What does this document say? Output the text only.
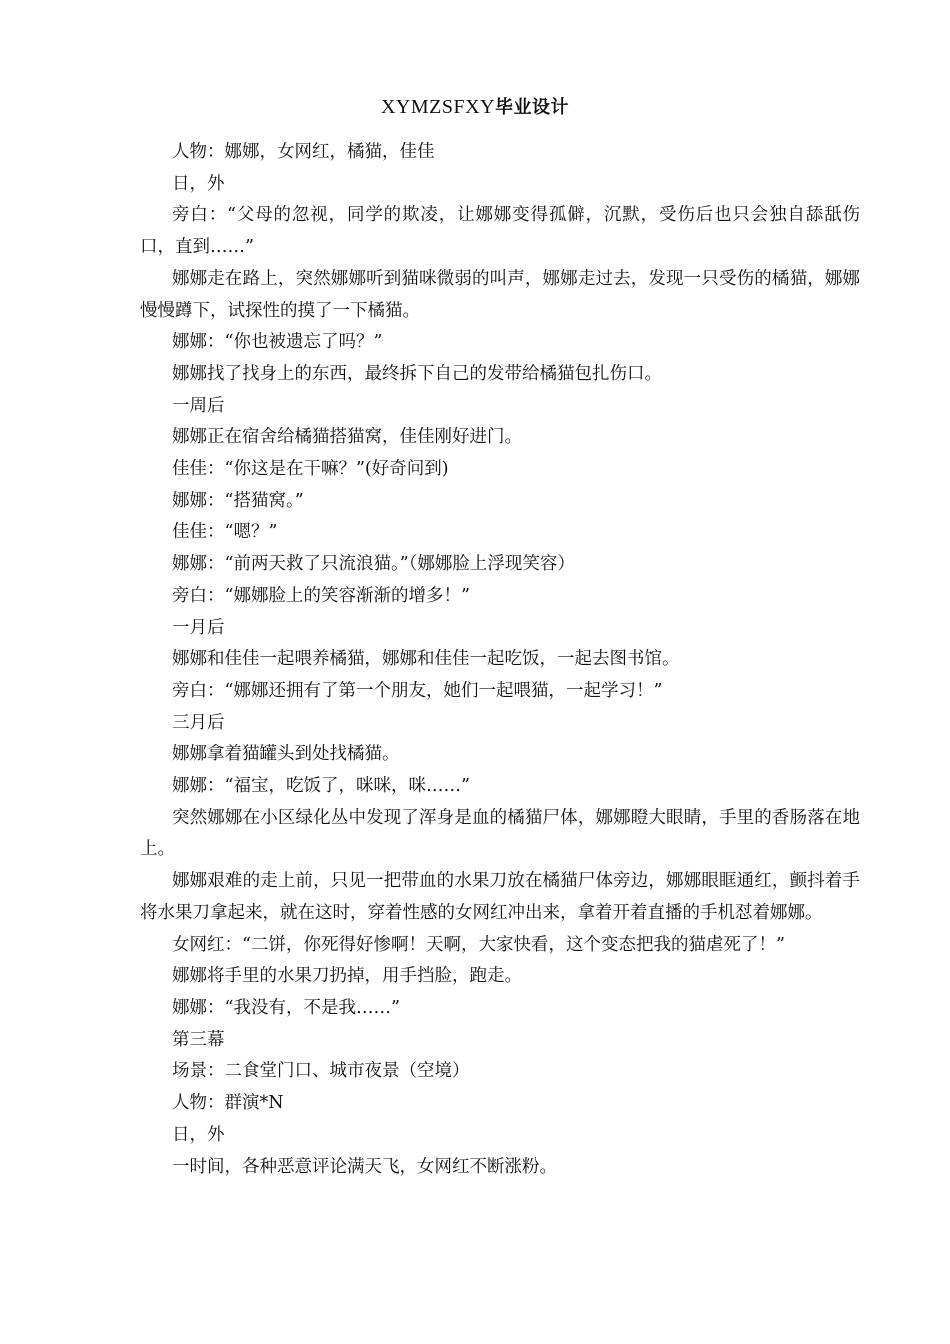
XYMZSFXY毕业设计

人物：娜娜，女网红，橘猫，佳佳

日，外

旁白：“父母的忽视，同学的欺凌，让娜娜变得孤僻，沉默，受伤后也只会独自舔舐伤口，直到……”

娜娜走在路上，突然娜娜听到猫咪微弱的叫声，娜娜走过去，发现一只受伤的橘猫，娜娜慢慢蹲下，试探性的摸了一下橘猫。

娜娜：“你也被遗忘了吗？”

娜娜找了找身上的东西，最终拆下自己的发带给橘猫包扎伤口。

一周后

娜娜正在宿舍给橘猫搭猫窝，佳佳刚好进门。

佳佳：“你这是在干嘛？”(好奇问到)

娜娜：“搭猫窝。”

佳佳：“嗯？”

娜娜：“前两天救了只流浪猫。”（娜娜脸上浮现笑容）

旁白：“娜娜脸上的笑容渐渐的增多！”

一月后

娜娜和佳佳一起喂养橘猫，娜娜和佳佳一起吃饭，一起去图书馆。

旁白：“娜娜还拥有了第一个朋友，她们一起喂猫，一起学习！”

三月后

娜娜拿着猫罐头到处找橘猫。

娜娜：“福宝，吃饭了，咪咪，咪……”

突然娜娜在小区绿化丛中发现了浑身是血的橘猫尸体，娜娜瞪大眼睛，手里的香肠落在地上。

娜娜艰难的走上前，只见一把带血的水果刀放在橘猫尸体旁边，娜娜眼眶通红，颤抖着手将水果刀拿起来，就在这时，穿着性感的女网红冲出来，拿着开着直播的手机怼着娜娜。

女网红：“二饼，你死得好惨啊！天啊，大家快看，这个变态把我的猫虐死了！”

娜娜将手里的水果刀扔掉，用手挡脸，跑走。

娜娜：“我没有，不是我……”

第三幕

场景：二食堂门口、城市夜景（空境）

人物：群演*N

日，外

一时间，各种恶意评论满天飞，女网红不断涨粉。
